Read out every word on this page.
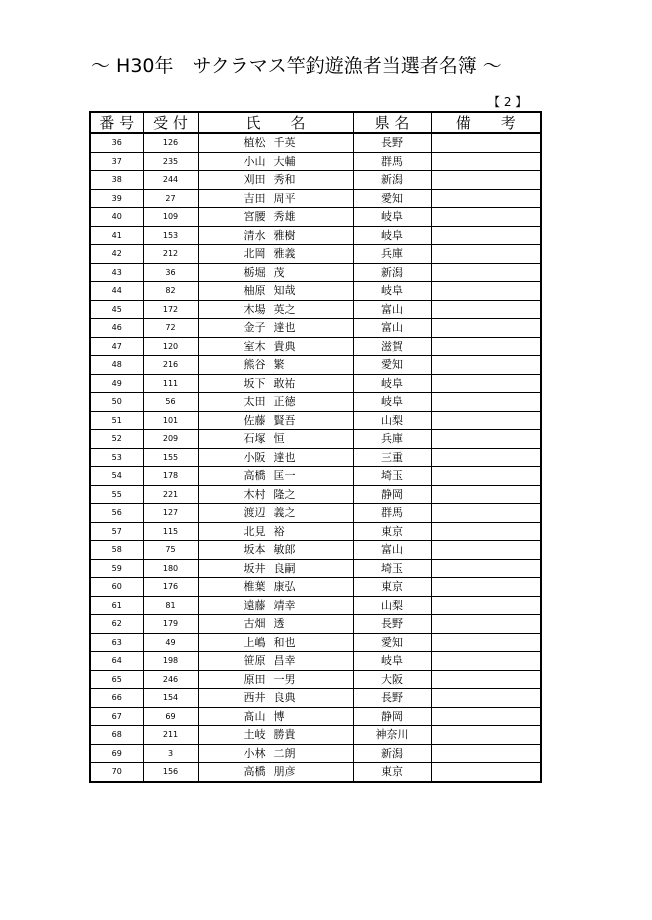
～ H30年　サクラマス竿釣遊漁者当選者名簿 ～
【 2 】
番 号	受 付	氏　　名	県 名	備　　考
36	126	植松 千英	長野	
37	235	小山 大輔	群馬	
38	244	刈田 秀和	新潟	
39	27	吉田 周平	愛知	
40	109	宮腰 秀雄	岐阜	
41	153	清水 雅樹	岐阜	
42	212	北岡 雅義	兵庫	
43	36	栃堀 茂	新潟	
44	82	柚原 知哉	岐阜	
45	172	木場 英之	富山	
46	72	金子 達也	富山	
47	120	室木 貴典	滋賀	
48	216	熊谷 繁	愛知	
49	111	坂下 敢祐	岐阜	
50	56	太田 正徳	岐阜	
51	101	佐藤 賢吾	山梨	
52	209	石塚 恒	兵庫	
53	155	小阪 達也	三重	
54	178	高橋 匡一	埼玉	
55	221	木村 隆之	静岡	
56	127	渡辺 義之	群馬	
57	115	北見 裕	東京	
58	75	坂本 敏郎	富山	
59	180	坂井 良嗣	埼玉	
60	176	椎葉 康弘	東京	
61	81	遠藤 靖幸	山梨	
62	179	古畑 透	長野	
63	49	上嶋 和也	愛知	
64	198	笹原 昌幸	岐阜	
65	246	原田 一男	大阪	
66	154	西井 良典	長野	
67	69	髙山 博	静岡	
68	211	土岐 勝貴	神奈川	
69	3	小林 二朗	新潟	
70	156	高橋 朋彦	東京	
